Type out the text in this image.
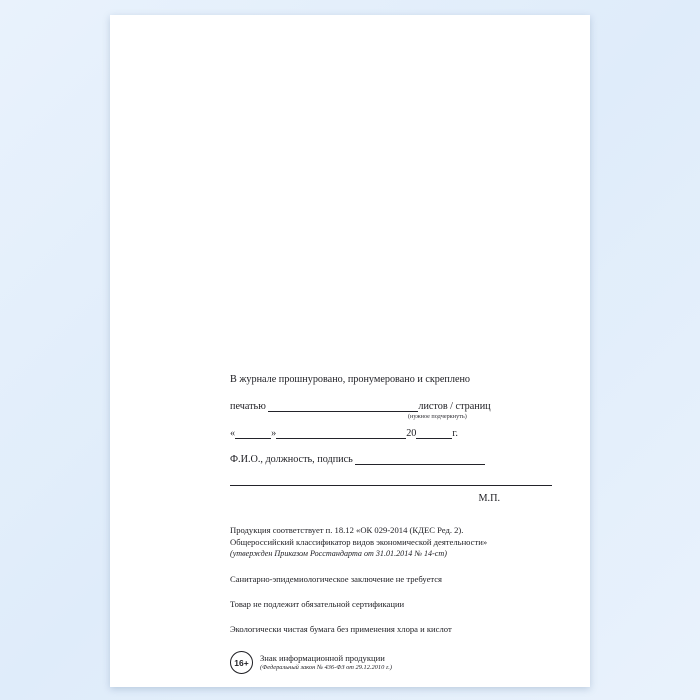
В журнале прошнуровано, пронумеровано и скреплено
печатью	листов / страниц
(нужное подчеркнуть)
«	»	20	г.
Ф.И.О., должность, подпись
М.П.

Продукция соответствует п. 18.12 «ОК 029-2014 (КДЕС Ред. 2).

Общероссийский классификатор видов экономической деятельности»

(утвержден Приказом Росстандарта от 31.01.2014 № 14-ст)

Санитарно-эпидемиологическое заключение не требуется

Товар не подлежит обязательной сертификации

Экологически чистая бумага без применения хлора и кислот

16+	Знак информационной продукции
(Федеральный закон № 436-ФЗ от 29.12.2010 г.)
